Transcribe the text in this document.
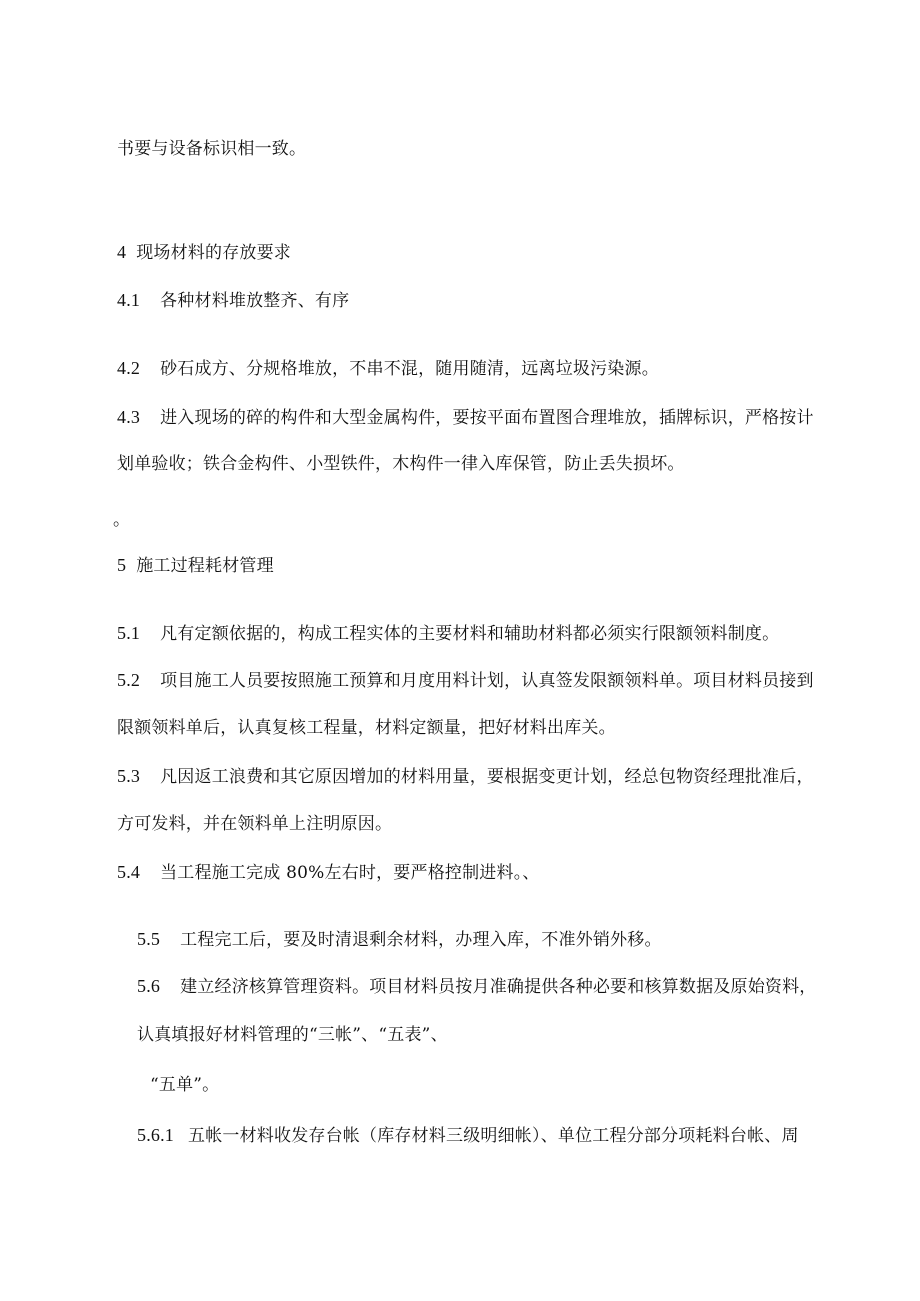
书要与设备标识相一致。
4 现场材料的存放要求
4.1 各种材料堆放整齐、有序
4.2 砂石成方、分规格堆放，不串不混，随用随清，远离垃圾污染源。
4.3 进入现场的碎的构件和大型金属构件，要按平面布置图合理堆放，插牌标识，严格按计
划单验收；铁合金构件、小型铁件，木构件一律入库保管，防止丢失损坏。
。
5 施工过程耗材管理
5.1 凡有定额依据的，构成工程实体的主要材料和辅助材料都必须实行限额领料制度。
5.2 项目施工人员要按照施工预算和月度用料计划，认真签发限额领料单。项目材料员接到
限额领料单后，认真复核工程量，材料定额量，把好材料出库关。
5.3 凡因返工浪费和其它原因增加的材料用量，要根据变更计划，经总包物资经理批准后，
方可发料，并在领料单上注明原因。
5.4 当工程施工完成 80%左右时，要严格控制进料。、
5.5 工程完工后，要及时清退剩余材料，办理入库，不准外销外移。
5.6 建立经济核算管理资料。项目材料员按月准确提供各种必要和核算数据及原始资料，
认真填报好材料管理的“三帐”、“五表”、
“五单”。
5.6.1 五帐一材料收发存台帐（库存材料三级明细帐）、单位工程分部分项耗料台帐、周
